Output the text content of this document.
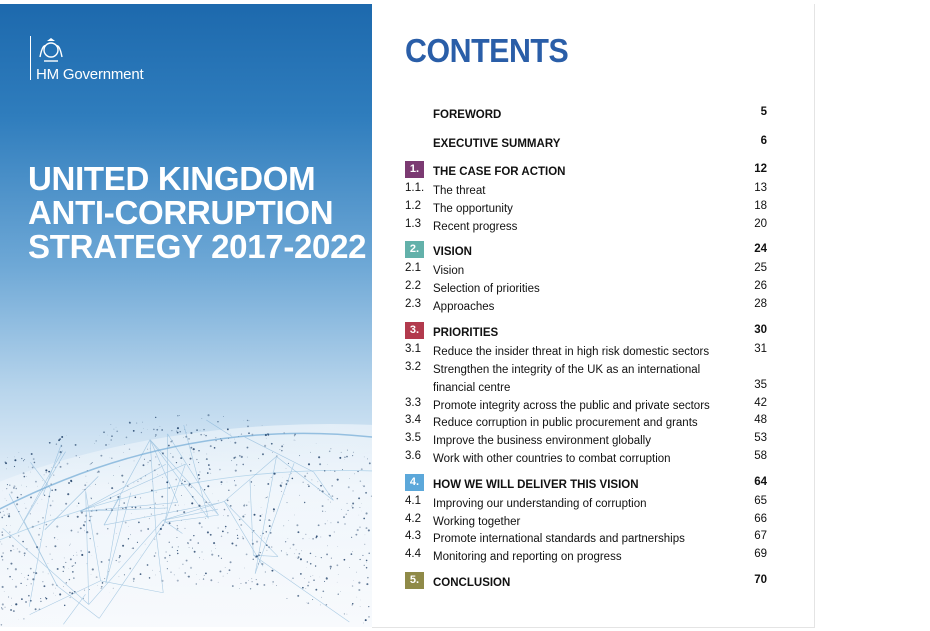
HM Government
UNITED KINGDOM
ANTI-CORRUPTION
STRATEGY 2017-2022
CONTENTS
FOREWORD	5
EXECUTIVE SUMMARY	6
1.	THE CASE FOR ACTION	12
1.1. The threat	13
1.2 The opportunity	18
1.3 Recent progress	20
2.	VISION	24
2.1 Vision	25
2.2 Selection of priorities	26
2.3 Approaches	28
3.	PRIORITIES	30
3.1 Reduce the insider threat in high risk domestic sectors	31
3.2 Strengthen the integrity of the UK as an international financial centre	35
3.3 Promote integrity across the public and private sectors	42
3.4 Reduce corruption in public procurement and grants	48
3.5 Improve the business environment globally	53
3.6 Work with other countries to combat corruption	58
4.	HOW WE WILL DELIVER THIS VISION	64
4.1 Improving our understanding of corruption	65
4.2 Working together	66
4.3 Promote international standards and partnerships	67
4.4 Monitoring and reporting on progress	69
5.	CONCLUSION	70
